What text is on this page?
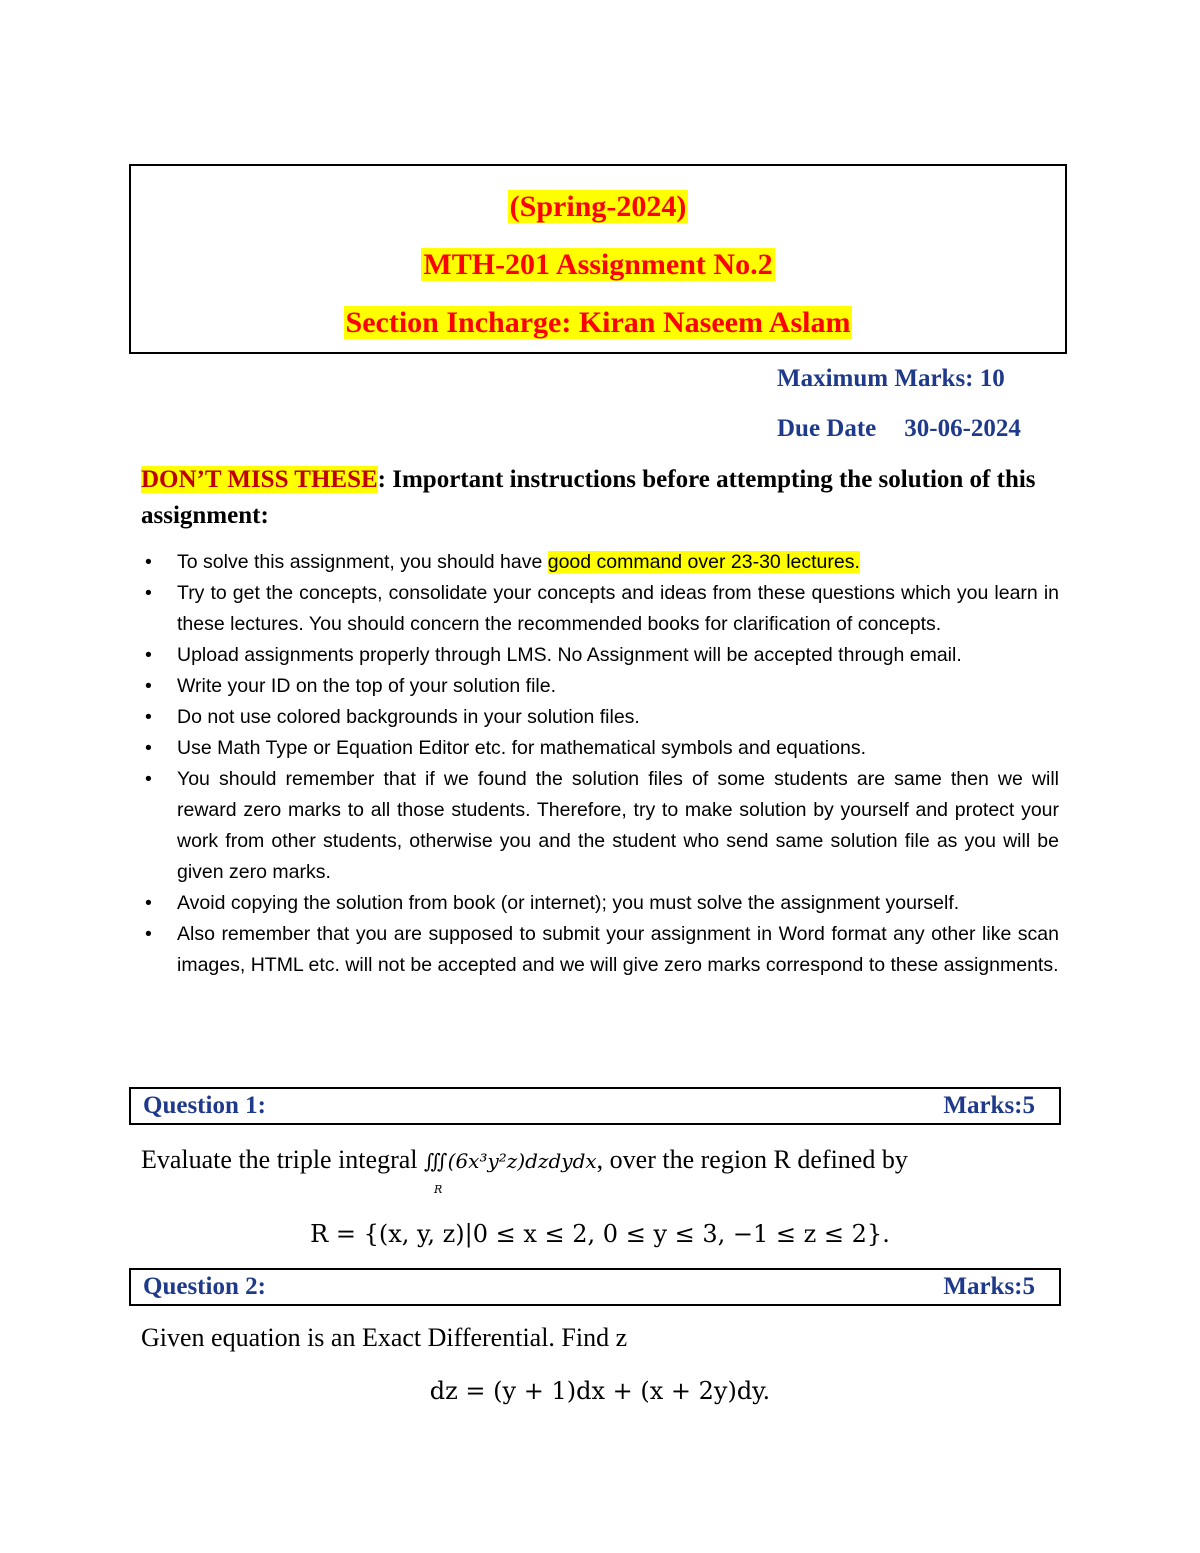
(Spring-2024)
MTH-201 Assignment No.2
Section Incharge: Kiran Naseem Aslam
Maximum Marks: 10
Due Date 30-06-2024
DON’T MISS THESE: Important instructions before attempting the solution of this assignment:
• To solve this assignment, you should have good command over 23-30 lectures.
• Try to get the concepts, consolidate your concepts and ideas from these questions which you learn in these lectures. You should concern the recommended books for clarification of concepts.
• Upload assignments properly through LMS. No Assignment will be accepted through email.
• Write your ID on the top of your solution file.
• Do not use colored backgrounds in your solution files.
• Use Math Type or Equation Editor etc. for mathematical symbols and equations.
• You should remember that if we found the solution files of some students are same then we will reward zero marks to all those students. Therefore, try to make solution by yourself and protect your work from other students, otherwise you and the student who send same solution file as you will be given zero marks.
• Avoid copying the solution from book (or internet); you must solve the assignment yourself.
• Also remember that you are supposed to submit your assignment in Word format any other like scan images, HTML etc. will not be accepted and we will give zero marks correspond to these assignments.
Question 1:	Marks:5
Evaluate the triple integral ∭(6x³y²z)dzdydx
R
, over the region R defined by
R = {(x, y, z)|0 ≤ x ≤ 2, 0 ≤ y ≤ 3, −1 ≤ z ≤ 2}.
Question 2:	Marks:5
Given equation is an Exact Differential. Find z
dz = (y + 1)dx + (x + 2y)dy.
